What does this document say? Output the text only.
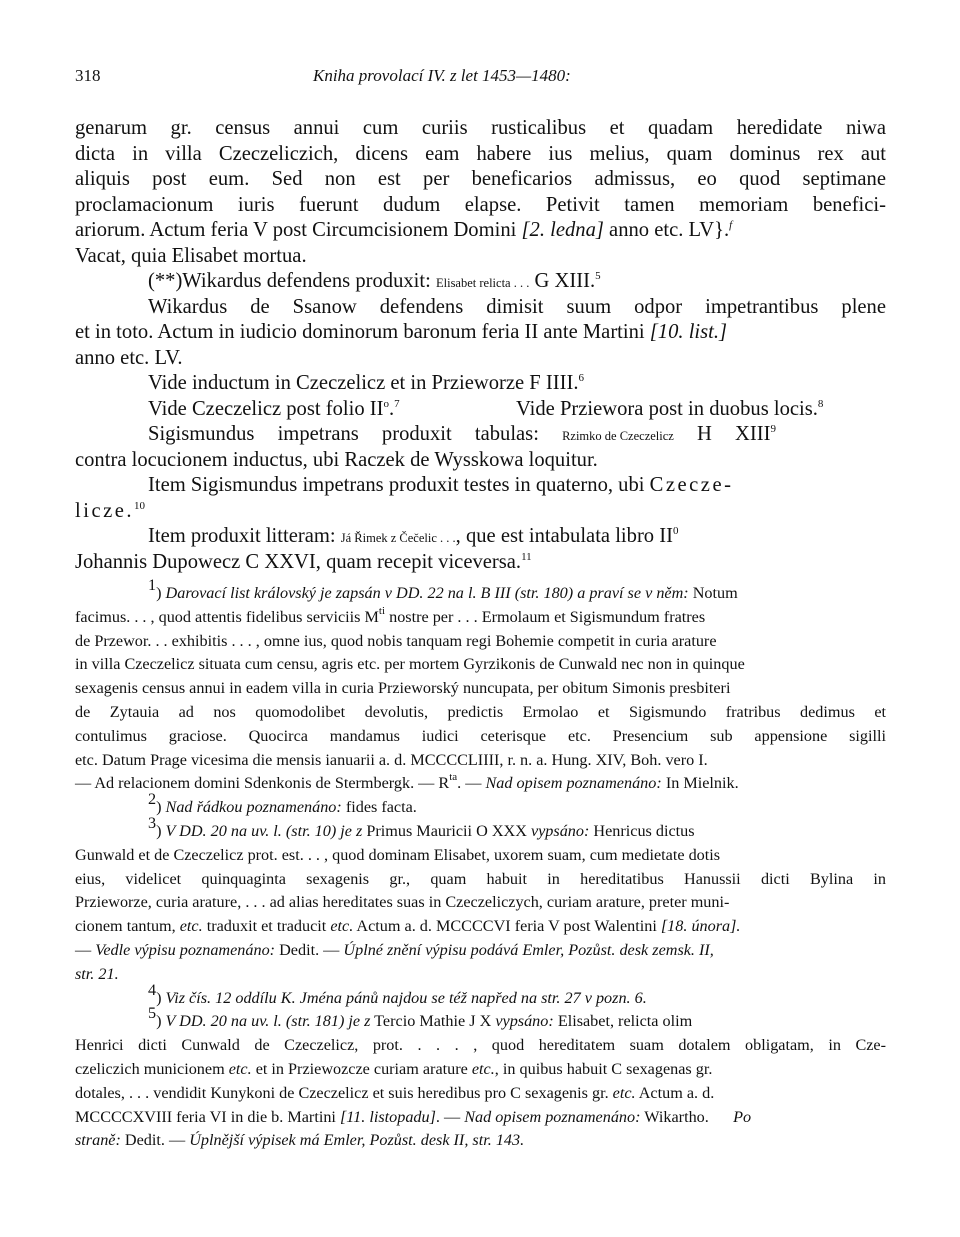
318	Kniha provolací IV. z let 1453—1480:
genarum gr. census annui cum curiis rusticalibus et quadam heredidate niwa
dicta in villa Czeczeliczich, dicens eam habere ius melius, quam dominus rex aut
aliquis post eum. Sed non est per beneficarios admissus, eo quod septimane
proclamacionum iuris fuerunt dudum elapse. Petivit tamen memoriam benefici-
ariorum. Actum feria V post Circumcisionem Domini [2. ledna] anno etc. LV}.$^f$
Vacat, quia Elisabet mortua.
(**)Wikardus defendens produxit: Elisabet relicta . . . G XIII.$^5$
Wikardus de Ssanow defendens dimisit suum odpor impetrantibus plene
et in toto. Actum in iudicio dominorum baronum feria II ante Martini [10. list.]
anno etc. LV.
Vide inductum in Czeczelicz et in Przieworze F IIII.$^6$
Vide Czeczelicz post folio $II^o.^7$	Vide Prziewora post in duobus locis.$^8$
Sigismundus impetrans produxit tabulas: Rzimko de Czeczelicz H XIII$^9$
contra locucionem inductus, ubi Raczek de Wysskowa loquitur.
Item Sigismundus impetrans produxit testes in quaterno, ubi Czecze-
licze.$^{10}$
Item produxit litteram: Já Řimek z Čečelic . . ., que est intabulata libro $II^0$
Johannis Dupowecz C XXVI, quam recepit viceversa.$^{11}$
$^1$) Darovací list královský je zapsán v DD. 22 na l. B III (str. 180) a praví se v něm: Notum
facimus. . . , quod attentis fidelibus serviciis $M^{ti}$ nostre per . . . Ermolaum et Sigismundum fratres
de Przewor. . . exhibitis . . . , omne ius, quod nobis tanquam regi Bohemie competit in curia arature
in villa Czeczelicz situata cum censu, agris etc. per mortem Gyrzikonis de Cunwald nec non in quinque
sexagenis census annui in eadem villa in curia Przieworský nuncupata, per obitum Simonis presbiteri
de Zytauia ad nos quomodolibet devolutis, predictis Ermolao et Sigismundo fratribus dedimus et
contulimus graciose. Quocirca mandamus iudici ceterisque etc. Presencium sub appensione sigilli
etc. Datum Prage vicesima die mensis ianuarii a. d. MCCCCLIIII, r. n. a. Hung. XIV, Boh. vero I.
— Ad relacionem domini Sdenkonis de Stermbergk. — $R^{ta}$. — Nad opisem poznamenáno: In Mielnik.
$^2$) Nad řádkou poznamenáno: fides facta.
$^3$) V DD. 20 na uv. l. (str. 10) je z Primus Mauricii O XXX vypsáno: Henricus dictus
Gunwald et de Czeczelicz prot. est. . . , quod dominam Elisabet, uxorem suam, cum medietate dotis
eius, videlicet quinquaginta sexagenis gr., quam habuit in hereditatibus Hanussii dicti Bylina in
Przieworze, curia arature, . . . ad alias hereditates suas in Czeczeliczych, curiam arature, preter muni-
cionem tantum, etc. traduxit et traducit etc. Actum a. d. MCCCCVI feria V post Walentini [18. února].
— Vedle výpisu poznamenáno: Dedit. — Úplné znění výpisu podává Emler, Pozůst. desk zemsk. II,
str. 21.
$^4$) Viz čís. 12 oddílu K. Jména pánů najdou se též napřed na str. 27 v pozn. 6.
$^5$) V DD. 20 na uv. l. (str. 181) je z Tercio Mathie J X vypsáno: Elisabet, relicta olim
Henrici dicti Cunwald de Czeczelicz, prot. . . . , quod hereditatem suam dotalem obligatam, in Cze-
czeliczich municionem etc. et in Prziewozcze curiam arature etc., in quibus habuit C sexagenas gr.
dotales, . . . vendidit Kunykoni de Czeczelicz et suis heredibus pro C sexagenis gr. etc. Actum a. d.
MCCCCXVIII feria VI in die b. Martini [11. listopadu]. — Nad opisem poznamenáno: Wikartho. Po
straně: Dedit. — Úplnější výpisek má Emler, Pozůst. desk II, str. 143.
